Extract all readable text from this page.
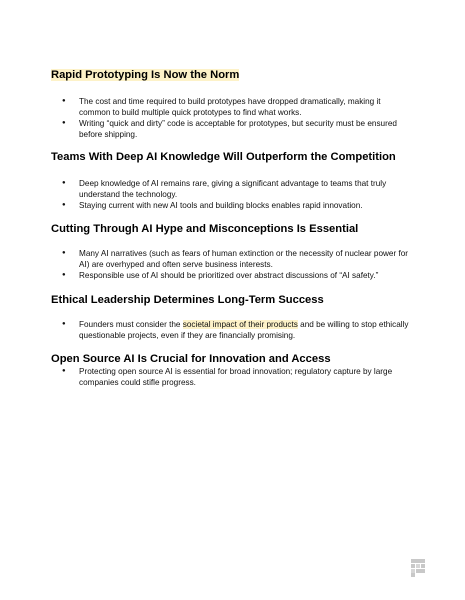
Rapid Prototyping Is Now the Norm
● The cost and time required to build prototypes have dropped dramatically, making it common to build multiple quick prototypes to find what works.
● Writing “quick and dirty” code is acceptable for prototypes, but security must be ensured before shipping.
Teams With Deep AI Knowledge Will Outperform the Competition
● Deep knowledge of AI remains rare, giving a significant advantage to teams that truly understand the technology.
● Staying current with new AI tools and building blocks enables rapid innovation.
Cutting Through AI Hype and Misconceptions Is Essential
● Many AI narratives (such as fears of human extinction or the necessity of nuclear power for AI) are overhyped and often serve business interests.
● Responsible use of AI should be prioritized over abstract discussions of “AI safety.”
Ethical Leadership Determines Long-Term Success
● Founders must consider the societal impact of their products and be willing to stop ethically questionable projects, even if they are financially promising.
Open Source AI Is Crucial for Innovation and Access
● Protecting open source AI is essential for broad innovation; regulatory capture by large companies could stifle progress.
